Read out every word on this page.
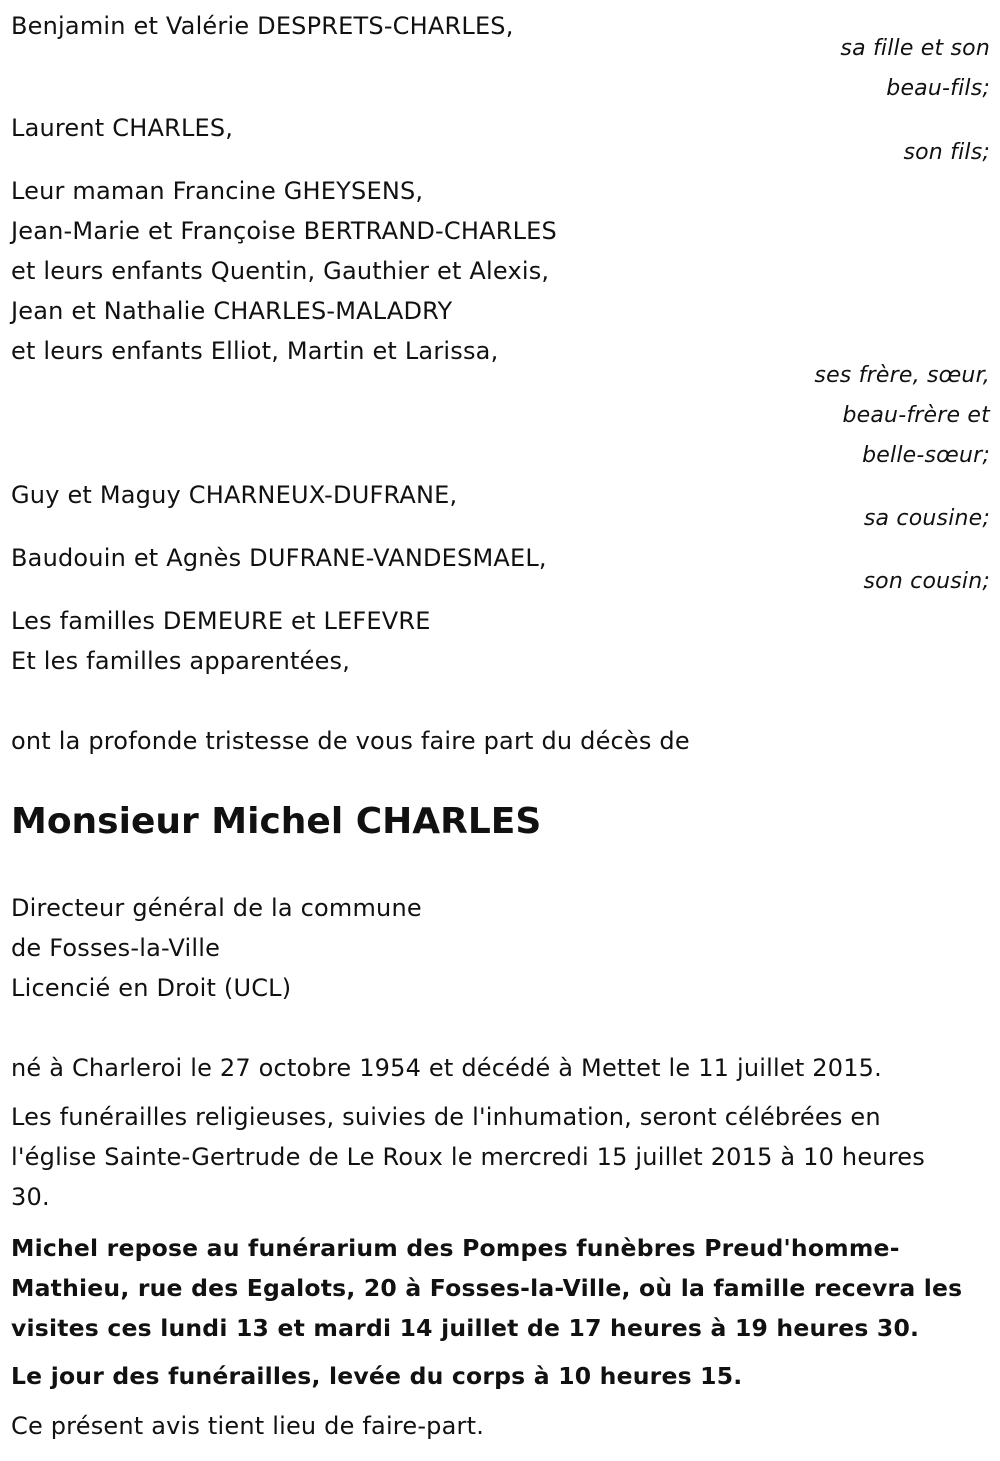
Benjamin et Valérie DESPRETS-CHARLES,
sa fille et son
beau-fils;
Laurent CHARLES,
son fils;
Leur maman Francine GHEYSENS,
Jean-Marie et Françoise BERTRAND-CHARLES
et leurs enfants Quentin, Gauthier et Alexis,
Jean et Nathalie CHARLES-MALADRY
et leurs enfants Elliot, Martin et Larissa,
ses frère, sœur,
beau-frère et
belle-sœur;
Guy et Maguy CHARNEUX-DUFRANE,
sa cousine;
Baudouin et Agnès DUFRANE-VANDESMAEL,
son cousin;
Les familles DEMEURE et LEFEVRE
Et les familles apparentées,
ont la profonde tristesse de vous faire part du décès de
Monsieur Michel CHARLES
Directeur général de la commune
de Fosses-la-Ville
Licencié en Droit (UCL)
né à Charleroi le 27 octobre 1954 et décédé à Mettet le 11 juillet 2015.
Les funérailles religieuses, suivies de l'inhumation, seront célébrées en
l'église Sainte-Gertrude de Le Roux le mercredi 15 juillet 2015 à 10 heures
30.
Michel repose au funérarium des Pompes funèbres Preud'homme-
Mathieu, rue des Egalots, 20 à Fosses-la-Ville, où la famille recevra les
visites ces lundi 13 et mardi 14 juillet de 17 heures à 19 heures 30.
Le jour des funérailles, levée du corps à 10 heures 15.
Ce présent avis tient lieu de faire-part.
